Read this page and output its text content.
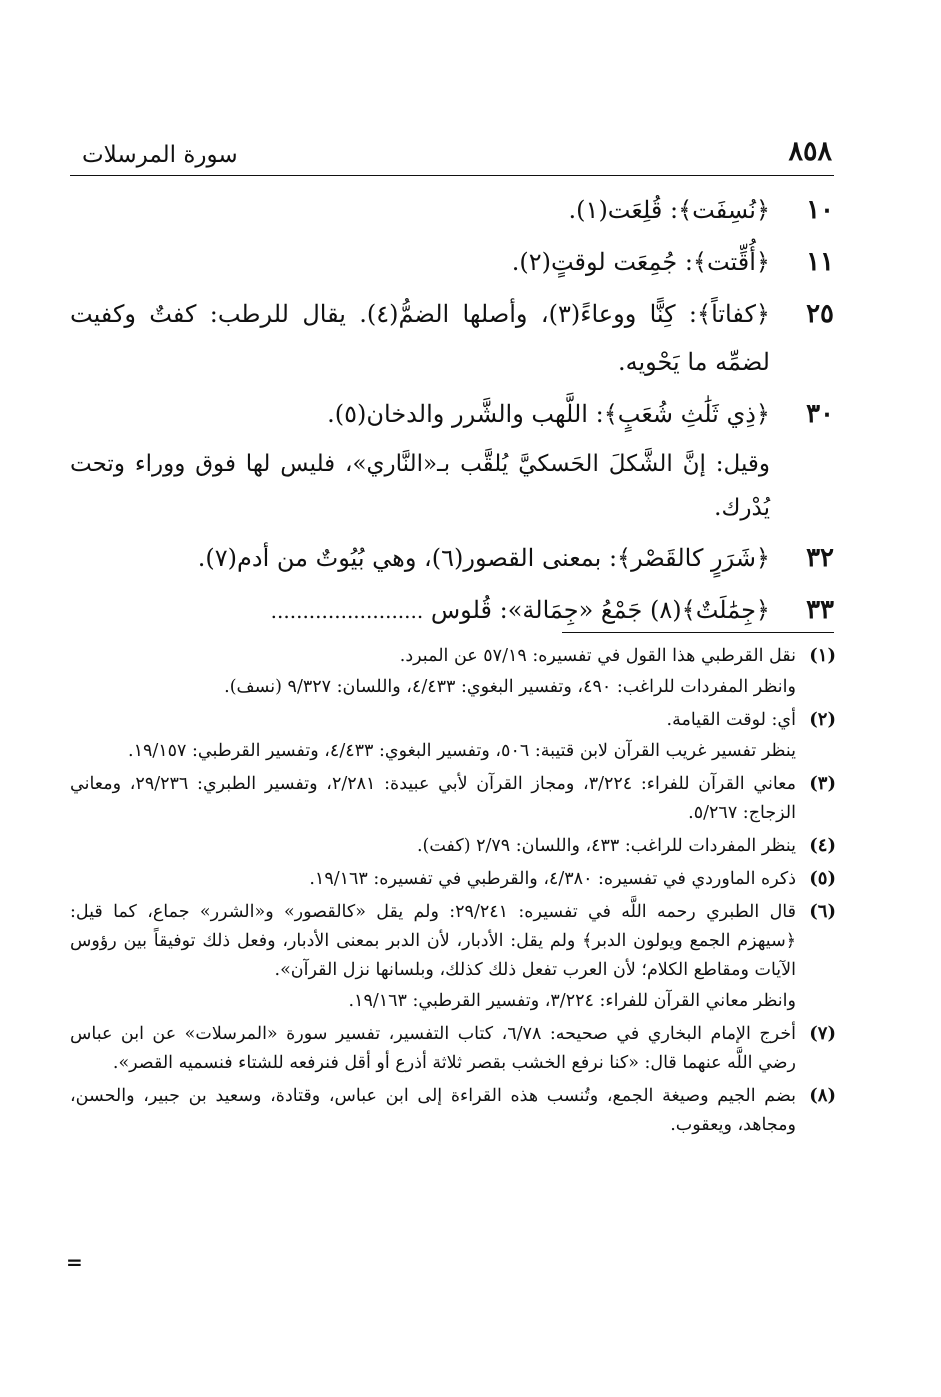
٨٥٨
سورة المرسلات
١٠
﴿نُسِفَت﴾: قُلِعَت(١).
١١
﴿أُقِّتت﴾: جُمِعَت لوقتٍ(٢).
٢٥
﴿كفاتاً﴾: كِنًّا ووعاءً(٣)، وأصلها الضمُّ(٤). يقال للرطب: كفتٌ وكفيت لضمِّه ما يَحْويه.
٣٠
﴿ذِي ثَلَٰثِ شُعَبٍ﴾: اللَّهب والشَّرر والدخان(٥).
وقيل: إنَّ الشَّكلَ الحَسكيَّ يُلقَّب بـ«النَّاري»، فليس لها فوق ووراء وتحت يُدْرك.
٣٢
﴿شَرَرٍ كالقَصْر﴾: بمعنى القصور(٦)، وهي بُيُوتٌ من أدم(٧).
٣٣
﴿جِمَٰلَتٌ﴾(٨) جَمْعُ «جِمَالة»: قُلوس ........................
(١)
نقل القرطبي هذا القول في تفسيره: ٥٧/١٩ عن المبرد.
وانظر المفردات للراغب: ٤٩٠، وتفسير البغوي: ٤/٤٣٣، واللسان: ٩/٣٢٧ (نسف).
(٢)
أي: لوقت القيامة.
ينظر تفسير غريب القرآن لابن قتيبة: ٥٠٦، وتفسير البغوي: ٤/٤٣٣، وتفسير القرطبي: ١٩/١٥٧.
(٣)
معاني القرآن للفراء: ٣/٢٢٤، ومجاز القرآن لأبي عبيدة: ٢/٢٨١، وتفسير الطبري: ٢٩/٢٣٦، ومعاني الزجاج: ٥/٢٦٧.
(٤)
ينظر المفردات للراغب: ٤٣٣، واللسان: ٢/٧٩ (كفت).
(٥)
ذكره الماوردي في تفسيره: ٤/٣٨٠، والقرطبي في تفسيره: ١٩/١٦٣.
(٦)
قال الطبري رحمه اللَّه في تفسيره: ٢٩/٢٤١: ولم يقل «كالقصور» و«الشرر» جماع، كما قيل: ﴿سيهزم الجمع ويولون الدبر﴾ ولم يقل: الأدبار، لأن الدبر بمعنى الأدبار، وفعل ذلك توفيقاً بين رؤوس الآيات ومقاطع الكلام؛ لأن العرب تفعل ذلك كذلك، وبلسانها نزل القرآن».
وانظر معاني القرآن للفراء: ٣/٢٢٤، وتفسير القرطبي: ١٩/١٦٣.
(٧)
أخرج الإمام البخاري في صحيحه: ٦/٧٨، كتاب التفسير، تفسير سورة «المرسلات» عن ابن عباس رضي اللَّه عنهما قال: «كنا نرفع الخشب بقصر ثلاثة أذرع أو أقل فنرفعه للشتاء فنسميه القصر».
(٨)
بضم الجيم وصيغة الجمع، وتُنسب هذه القراءة إلى ابن عباس، وقتادة، وسعيد بن جبير، والحسن، ومجاهد، ويعقوب.
=
